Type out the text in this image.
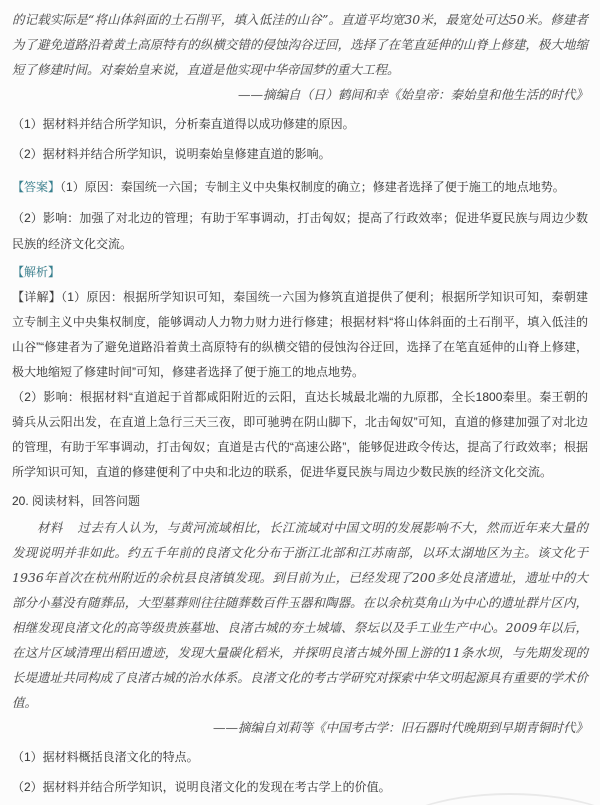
的记载实际是“将山体斜面的土石削平，填入低洼的山谷”。直道平均宽30米，最宽处可达50米。修建者为了避免道路沿着黄土高原特有的纵横交错的侵蚀沟谷迂回，选择了在笔直延伸的山脊上修建，极大地缩短了修建时间。对秦始皇来说，直道是他实现中华帝国梦的重大工程。

——摘编自（日）鹤间和幸《始皇帝：秦始皇和他生活的时代》

（1）据材料并结合所学知识，分析秦直道得以成功修建的原因。

（2）据材料并结合所学知识，说明秦始皇修建直道的影响。

【答案】（1）原因：秦国统一六国；专制主义中央集权制度的确立；修建者选择了便于施工的地点地势。

（2）影响：加强了对北边的管理；有助于军事调动，打击匈奴；提高了行政效率；促进华夏民族与周边少数民族的经济文化交流。

【解析】

【详解】（1）原因：根据所学知识可知，秦国统一六国为修筑直道提供了便利；根据所学知识可知，秦朝建立专制主义中央集权制度，能够调动人力物力财力进行修建；根据材料“将山体斜面的土石削平，填入低洼的山谷”“修建者为了避免道路沿着黄土高原特有的纵横交错的侵蚀沟谷迂回，选择了在笔直延伸的山脊上修建，极大地缩短了修建时间”可知，修建者选择了便于施工的地点地势。

（2）影响：根据材料“直道起于首都咸阳附近的云阳，直达长城最北端的九原郡，全长1800秦里。秦王朝的骑兵从云阳出发，在直道上急行三天三夜，即可驰骋在阴山脚下，北击匈奴”可知，直道的修建加强了对北边的管理，有助于军事调动，打击匈奴；直道是古代的“高速公路”，能够促进政令传达，提高了行政效率；根据所学知识可知，直道的修建便利了中央和北边的联系，促进华夏民族与周边少数民族的经济文化交流。

20. 阅读材料，回答问题

材料 过去有人认为，与黄河流域相比，长江流域对中国文明的发展影响不大，然而近年来大量的发现说明并非如此。约五千年前的良渚文化分布于浙江北部和江苏南部，以环太湖地区为主。该文化于1936年首次在杭州附近的余杭县良渚镇发现。到目前为止，已经发现了200多处良渚遗址，遗址中的大部分小墓没有随葬品，大型墓葬则往往随葬数百件玉器和陶器。在以余杭莫角山为中心的遗址群片区内，相继发现良渚文化的高等级贵族墓地、良渚古城的夯土城墙、祭坛以及手工业生产中心。2009年以后，在这片区域清理出稻田遗迹，发现大量碳化稻米，并探明良渚古城外围上游的11条水坝，与先期发现的长堤遗址共同构成了良渚古城的治水体系。良渚文化的考古学研究对探索中华文明起源具有重要的学术价值。

——摘编自刘莉等《中国考古学：旧石器时代晚期到早期青铜时代》

（1）据材料概括良渚文化的特点。

（2）据材料并结合所学知识，说明良渚文化的发现在考古学上的价值。
